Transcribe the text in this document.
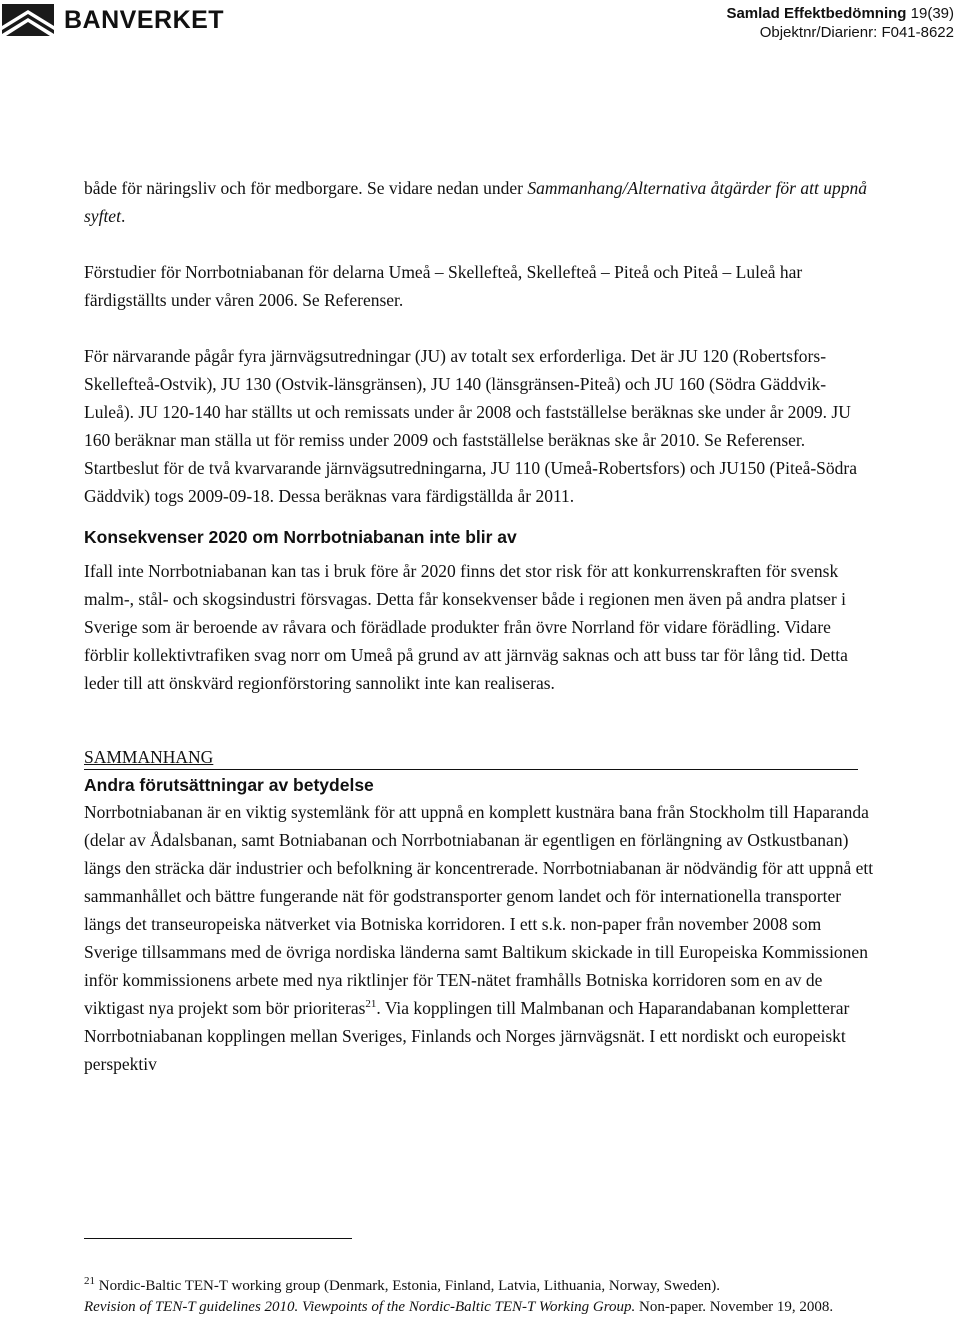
BANVERKET	Samlad Effektbedömning 19(39)
Objektnr/Diarienr: F041-8622

både för näringsliv och för medborgare. Se vidare nedan under Sammanhang/Alternativa åtgärder för att uppnå syftet.

Förstudier för Norrbotniabanan för delarna Umeå – Skellefteå, Skellefteå – Piteå och Piteå – Luleå har färdigställts under våren 2006. Se Referenser.

För närvarande pågår fyra järnvägsutredningar (JU) av totalt sex erforderliga. Det är JU 120 (Robertsfors-Skellefteå-Ostvik), JU 130 (Ostvik-länsgränsen), JU 140 (länsgränsen-Piteå) och JU 160 (Södra Gäddvik-Luleå). JU 120-140 har ställts ut och remissats under år 2008 och fastställelse beräknas ske under år 2009. JU 160 beräknar man ställa ut för remiss under 2009 och fastställelse beräknas ske år 2010. Se Referenser. Startbeslut för de två kvarvarande järnvägsutredningarna, JU 110 (Umeå-Robertsfors) och JU150 (Piteå-Södra Gäddvik) togs 2009-09-18. Dessa beräknas vara färdigställda år 2011.

Konsekvenser 2020 om Norrbotniabanan inte blir av

Ifall inte Norrbotniabanan kan tas i bruk före år 2020 finns det stor risk för att konkurrenskraften för svensk malm-, stål- och skogsindustri försvagas. Detta får konsekvenser både i regionen men även på andra platser i Sverige som är beroende av råvara och förädlade produkter från övre Norrland för vidare förädling. Vidare förblir kollektivtrafiken svag norr om Umeå på grund av att järnväg saknas och att buss tar för lång tid. Detta leder till att önskvärd regionförstoring sannolikt inte kan realiseras.

SAMMANHANG
Andra förutsättningar av betydelse

Norrbotniabanan är en viktig systemlänk för att uppnå en komplett kustnära bana från Stockholm till Haparanda (delar av Ådalsbanan, samt Botniabanan och Norrbotniabanan är egentligen en förlängning av Ostkustbanan) längs den sträcka där industrier och befolkning är koncentrerade. Norrbotniabanan är nödvändig för att uppnå ett sammanhållet och bättre fungerande nät för godstransporter genom landet och för internationella transporter längs det transeuropeiska nätverket via Botniska korridoren. I ett s.k. non-paper från november 2008 som Sverige tillsammans med de övriga nordiska länderna samt Baltikum skickade in till Europeiska Kommissionen inför kommissionens arbete med nya riktlinjer för TEN-nätet framhålls Botniska korridoren som en av de viktigast nya projekt som bör prioriteras$^{21}$. Via kopplingen till Malmbanan och Haparandabanan kompletterar Norrbotniabanan kopplingen mellan Sveriges, Finlands och Norges järnvägsnät. I ett nordiskt och europeiskt perspektiv

$^{21}$ Nordic-Baltic TEN-T working group (Denmark, Estonia, Finland, Latvia, Lithuania, Norway, Sweden).
Revision of TEN-T guidelines 2010. Viewpoints of the Nordic-Baltic TEN-T Working Group. Non-paper. November 19, 2008.
